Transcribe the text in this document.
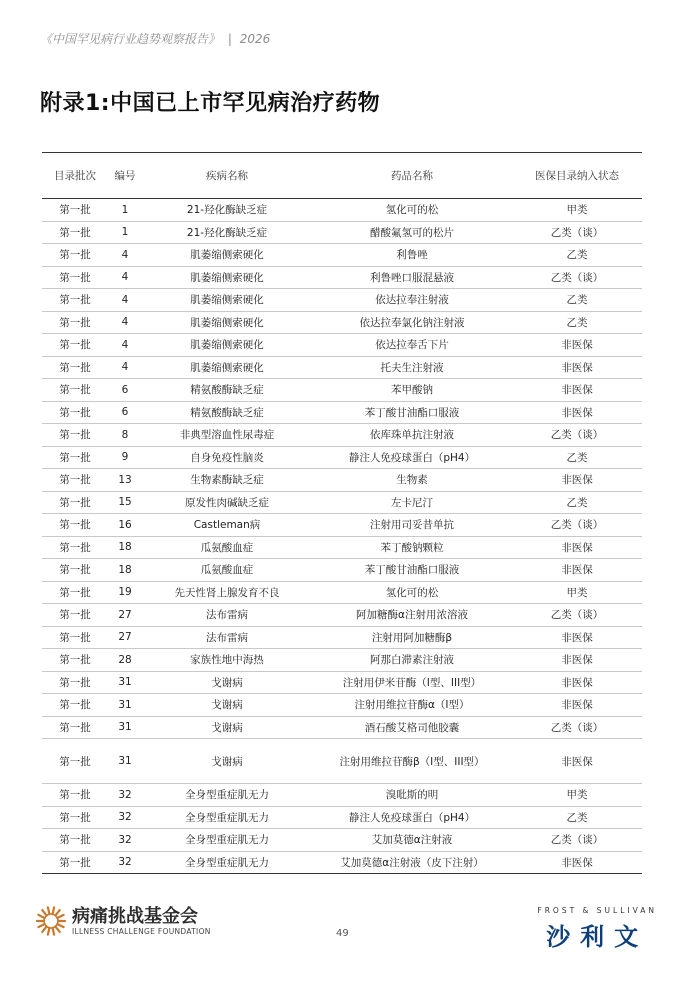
《中国罕见病行业趋势观察报告》 | 2026
附录1:中国已上市罕见病治疗药物
目录批次	编号	疾病名称	药品名称	医保目录纳入状态
第一批	1	21-羟化酶缺乏症	氢化可的松	甲类
第一批	1	21-羟化酶缺乏症	醋酸氟氢可的松片	乙类（谈）
第一批	4	肌萎缩侧索硬化	利鲁唑	乙类
第一批	4	肌萎缩侧索硬化	利鲁唑口服混悬液	乙类（谈）
第一批	4	肌萎缩侧索硬化	依达拉奉注射液	乙类
第一批	4	肌萎缩侧索硬化	依达拉奉氯化钠注射液	乙类
第一批	4	肌萎缩侧索硬化	依达拉奉舌下片	非医保
第一批	4	肌萎缩侧索硬化	托夫生注射液	非医保
第一批	6	精氨酸酶缺乏症	苯甲酸钠	非医保
第一批	6	精氨酸酶缺乏症	苯丁酸甘油酯口服液	非医保
第一批	8	非典型溶血性尿毒症	依库珠单抗注射液	乙类（谈）
第一批	9	自身免疫性脑炎	静注人免疫球蛋白（pH4）	乙类
第一批	13	生物素酶缺乏症	生物素	非医保
第一批	15	原发性肉碱缺乏症	左卡尼汀	乙类
第一批	16	Castleman病	注射用司妥昔单抗	乙类（谈）
第一批	18	瓜氨酸血症	苯丁酸钠颗粒	非医保
第一批	18	瓜氨酸血症	苯丁酸甘油酯口服液	非医保
第一批	19	先天性肾上腺发育不良	氢化可的松	甲类
第一批	27	法布雷病	阿加糖酶α注射用浓溶液	乙类（谈）
第一批	27	法布雷病	注射用阿加糖酶β	非医保
第一批	28	家族性地中海热	阿那白滞素注射液	非医保
第一批	31	戈谢病	注射用伊米苷酶（I型、III型）	非医保
第一批	31	戈谢病	注射用维拉苷酶α（I型）	非医保
第一批	31	戈谢病	酒石酸艾格司他胶囊	乙类（谈）
第一批	31	戈谢病	注射用维拉苷酶β（I型、III型）	非医保
第一批	32	全身型重症肌无力	溴吡斯的明	甲类
第一批	32	全身型重症肌无力	静注人免疫球蛋白（pH4）	乙类
第一批	32	全身型重症肌无力	艾加莫德α注射液	乙类（谈）
第一批	32	全身型重症肌无力	艾加莫德α注射液（皮下注射）	非医保
病痛挑战基金会
ILLNESS CHALLENGE FOUNDATION	49
FROST & SULLIVAN
沙利文
